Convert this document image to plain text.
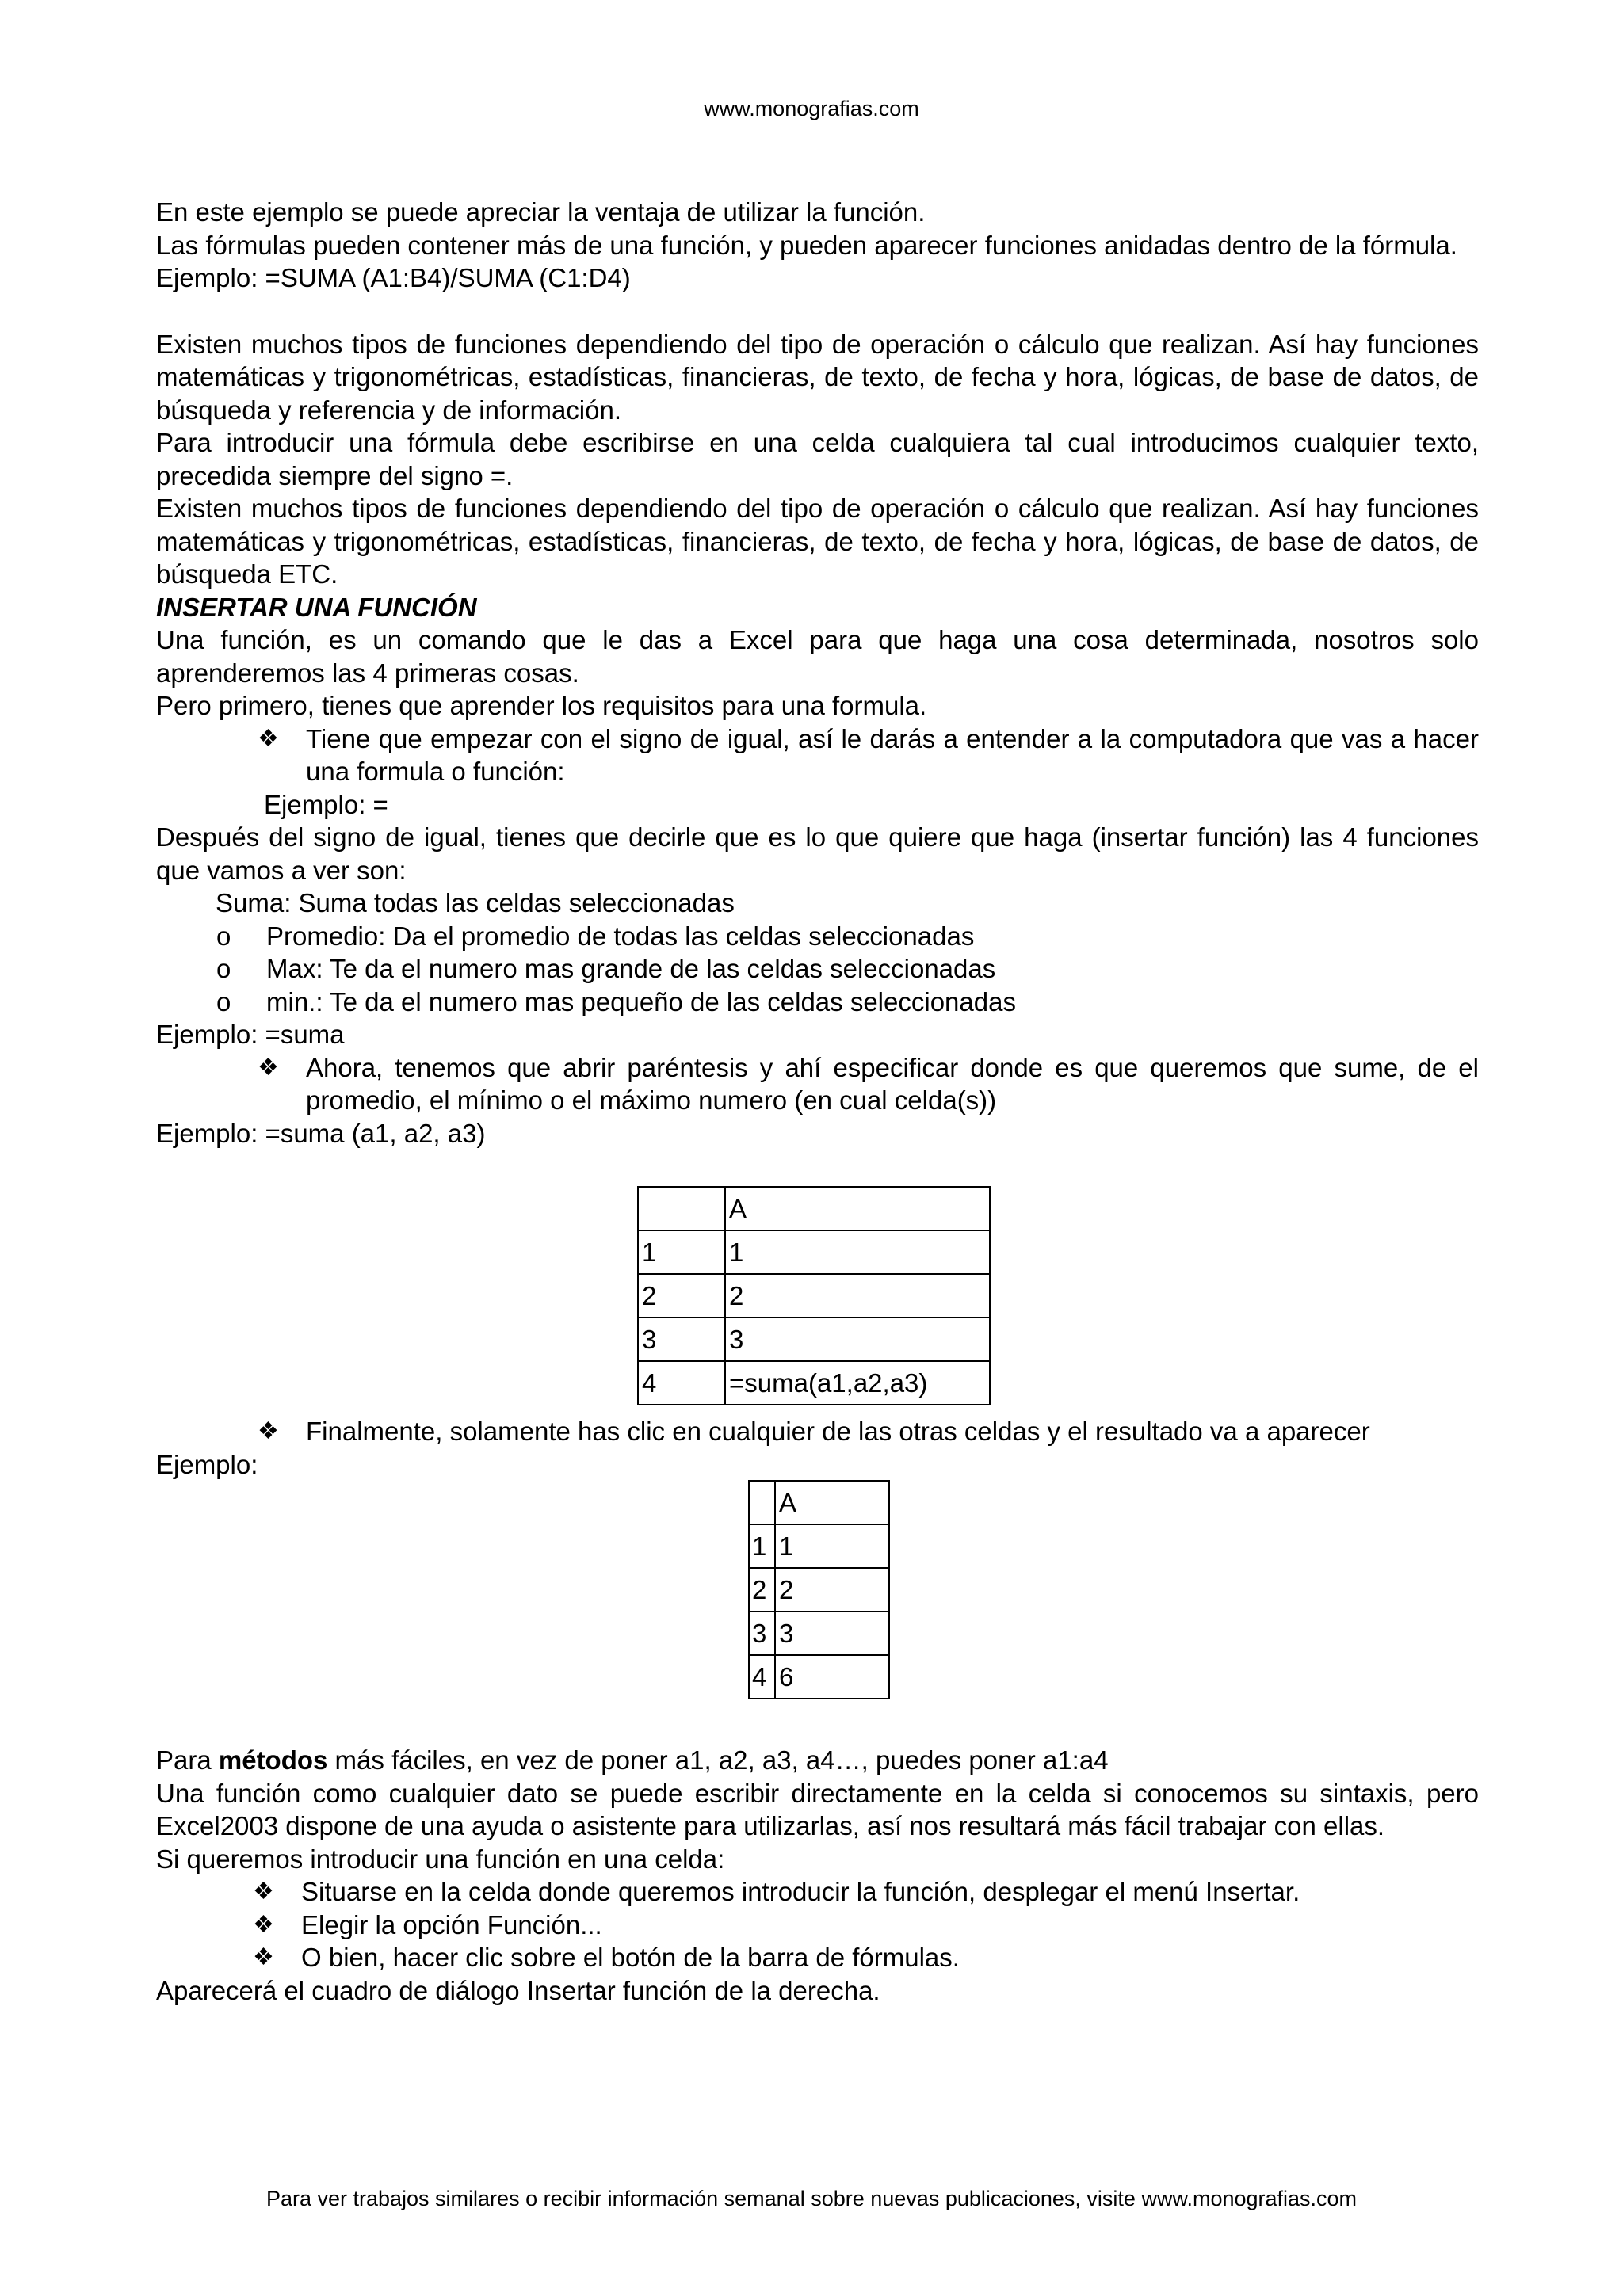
www.monografias.com

En este ejemplo se puede apreciar la ventaja de utilizar la función.

Las fórmulas pueden contener más de una función, y pueden aparecer funciones anidadas dentro de la fórmula.

Ejemplo: =SUMA (A1:B4)/SUMA (C1:D4)

Existen muchos tipos de funciones dependiendo del tipo de operación o cálculo que realizan. Así hay funciones matemáticas y trigonométricas, estadísticas, financieras, de texto, de fecha y hora, lógicas, de base de datos, de búsqueda y referencia y de información.

Para introducir una fórmula debe escribirse en una celda cualquiera tal cual introducimos cualquier texto, precedida siempre del signo =.

Existen muchos tipos de funciones dependiendo del tipo de operación o cálculo que realizan. Así hay funciones matemáticas y trigonométricas, estadísticas, financieras, de texto, de fecha y hora, lógicas, de base de datos, de búsqueda ETC.

INSERTAR UNA FUNCIÓN

Una función, es un comando que le das a Excel para que haga una cosa determinada, nosotros solo aprenderemos las 4 primeras cosas.

Pero primero, tienes que aprender los requisitos para una formula.

❖ Tiene que empezar con el signo de igual, así le darás a entender a la computadora que vas a hacer una formula o función:

Ejemplo: =

Después del signo de igual, tienes que decirle que es lo que quiere que haga (insertar función) las 4 funciones que vamos a ver son:

Suma: Suma todas las celdas seleccionadas

o Promedio: Da el promedio de todas las celdas seleccionadas

o Max: Te da el numero mas grande de las celdas seleccionadas

o min.: Te da el numero mas pequeño de las celdas seleccionadas

Ejemplo: =suma

❖ Ahora, tenemos que abrir paréntesis y ahí especificar donde es que queremos que sume, de el promedio, el mínimo o el máximo numero (en cual celda(s))

Ejemplo: =suma (a1, a2, a3)

	A
1	1
2	2
3	3
4	=suma(a1,a2,a3)

❖ Finalmente, solamente has clic en cualquier de las otras celdas y el resultado va a aparecer

Ejemplo:

	A
1	1
2	2
3	3
4	6

Para métodos más fáciles, en vez de poner a1, a2, a3, a4…, puedes poner a1:a4

Una función como cualquier dato se puede escribir directamente en la celda si conocemos su sintaxis, pero Excel2003 dispone de una ayuda o asistente para utilizarlas, así nos resultará más fácil trabajar con ellas.

Si queremos introducir una función en una celda:

❖ Situarse en la celda donde queremos introducir la función, desplegar el menú Insertar.

❖ Elegir la opción Función...

❖ O bien, hacer clic sobre el botón de la barra de fórmulas.

Aparecerá el cuadro de diálogo Insertar función de la derecha.

Para ver trabajos similares o recibir información semanal sobre nuevas publicaciones, visite www.monografias.com
